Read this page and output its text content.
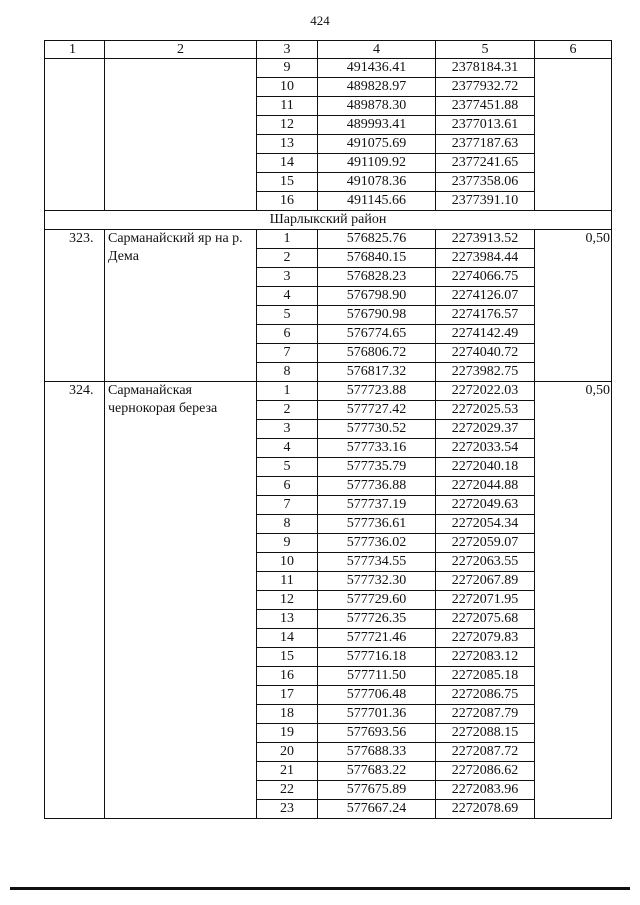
424
1	2	3	4	5	6
		9	491436.41	2378184.31	
		10	489828.97	2377932.72	
		11	489878.30	2377451.88	
		12	489993.41	2377013.61	
		13	491075.69	2377187.63	
		14	491109.92	2377241.65	
		15	491078.36	2377358.06	
		16	491145.66	2377391.10	
Шарлыкский район					
323.	Сарманайский яр на р. Дема	1	576825.76	2273913.52	0,50
		2	576840.15	2273984.44	
		3	576828.23	2274066.75	
		4	576798.90	2274126.07	
		5	576790.98	2274176.57	
		6	576774.65	2274142.49	
		7	576806.72	2274040.72	
		8	576817.32	2273982.75	
324.	Сарманайская чернокорая береза	1	577723.88	2272022.03	0,50
		2	577727.42	2272025.53	
		3	577730.52	2272029.37	
		4	577733.16	2272033.54	
		5	577735.79	2272040.18	
		6	577736.88	2272044.88	
		7	577737.19	2272049.63	
		8	577736.61	2272054.34	
		9	577736.02	2272059.07	
		10	577734.55	2272063.55	
		11	577732.30	2272067.89	
		12	577729.60	2272071.95	
		13	577726.35	2272075.68	
		14	577721.46	2272079.83	
		15	577716.18	2272083.12	
		16	577711.50	2272085.18	
		17	577706.48	2272086.75	
		18	577701.36	2272087.79	
		19	577693.56	2272088.15	
		20	577688.33	2272087.72	
		21	577683.22	2272086.62	
		22	577675.89	2272083.96	
		23	577667.24	2272078.69	
